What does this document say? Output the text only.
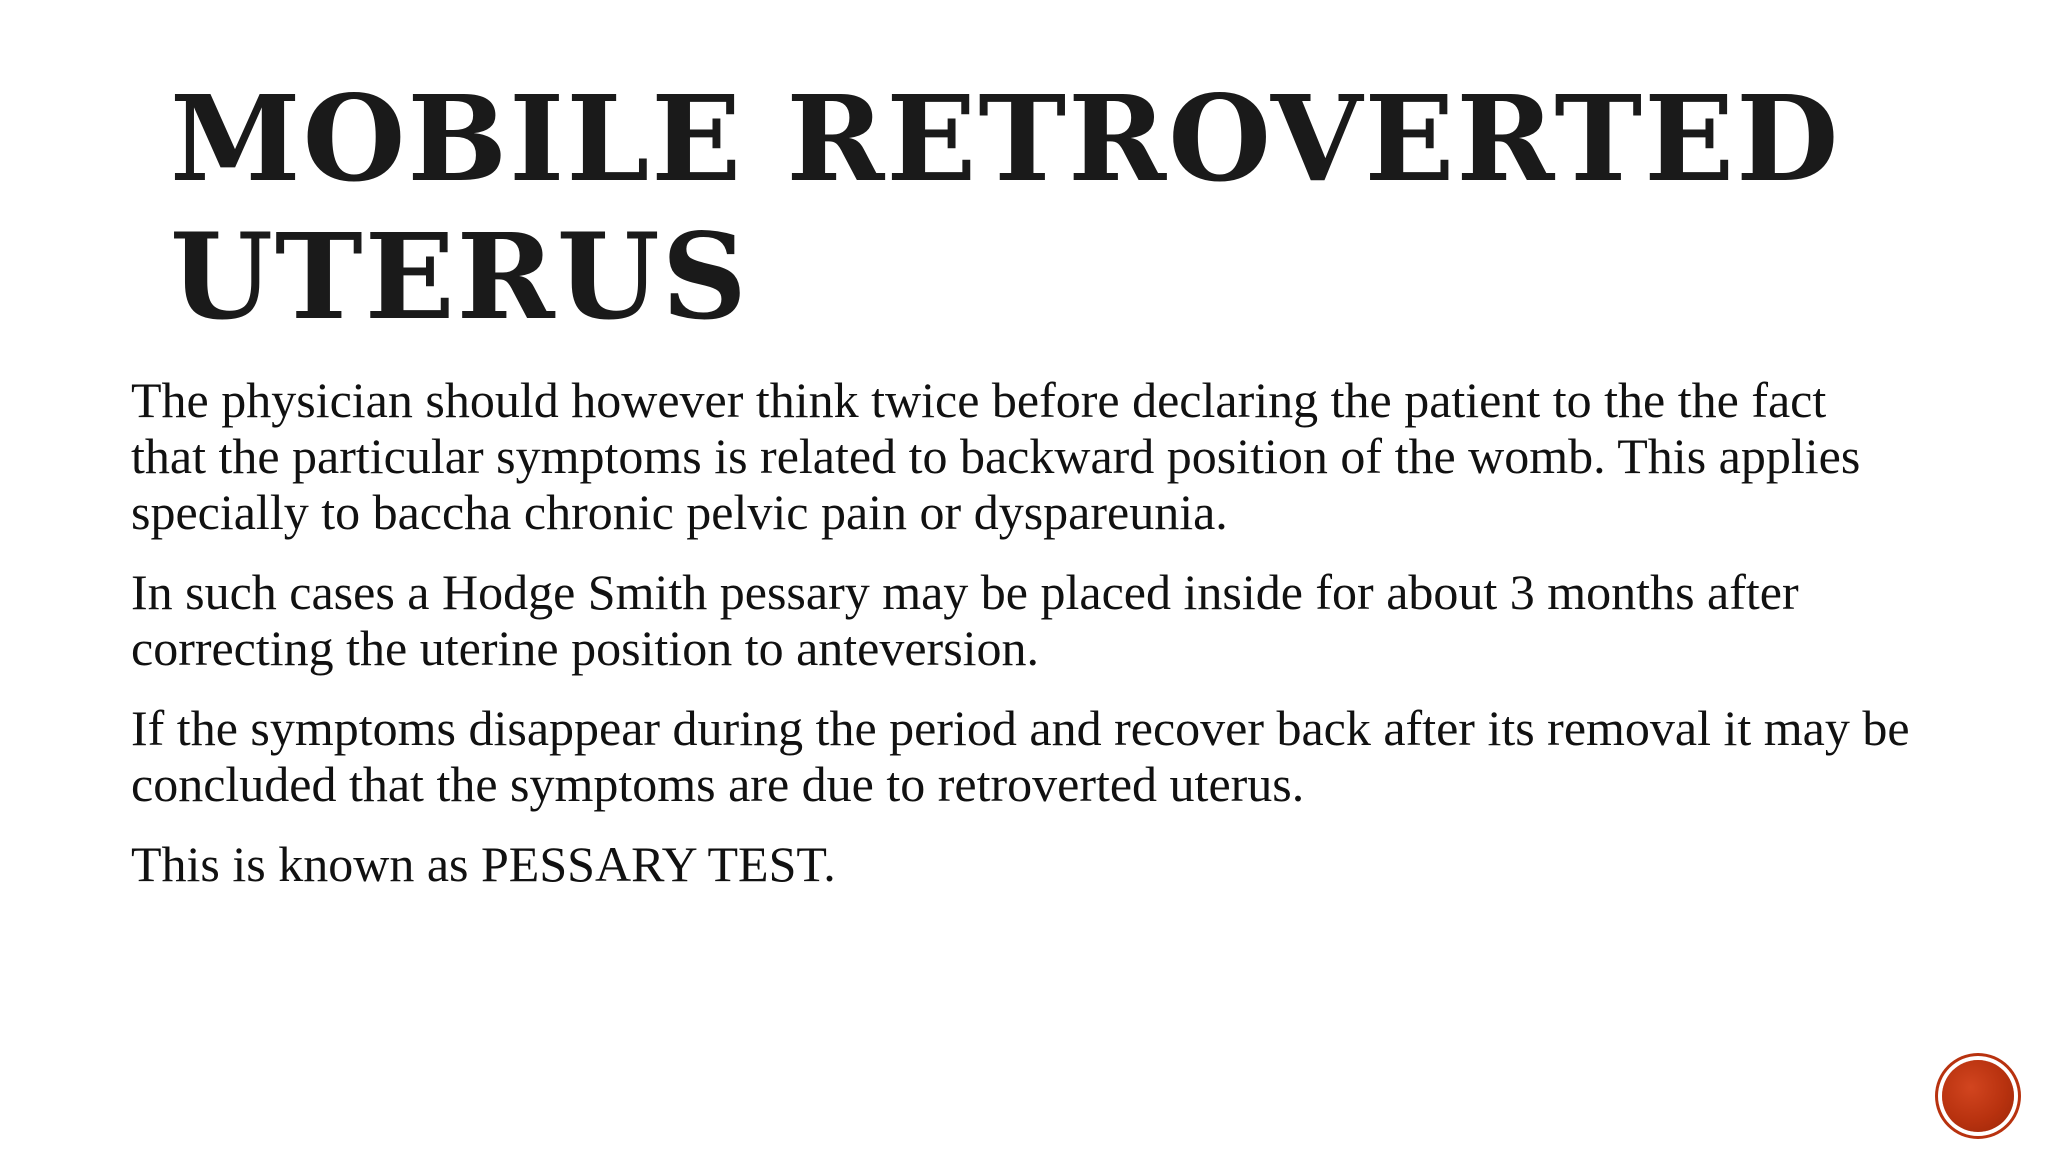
MOBILE RETROVERTED
UTERUS

The physician should however think twice before declaring the patient to the the fact that the particular symptoms is related to backward position of the womb. This applies specially to baccha chronic pelvic pain or dyspareunia.

In such cases a Hodge Smith pessary may be placed inside for about 3 months after correcting the uterine position to anteversion.

If the symptoms disappear during the period and recover back after its removal it may be concluded that the symptoms are due to retroverted uterus.

This is known as PESSARY TEST.
